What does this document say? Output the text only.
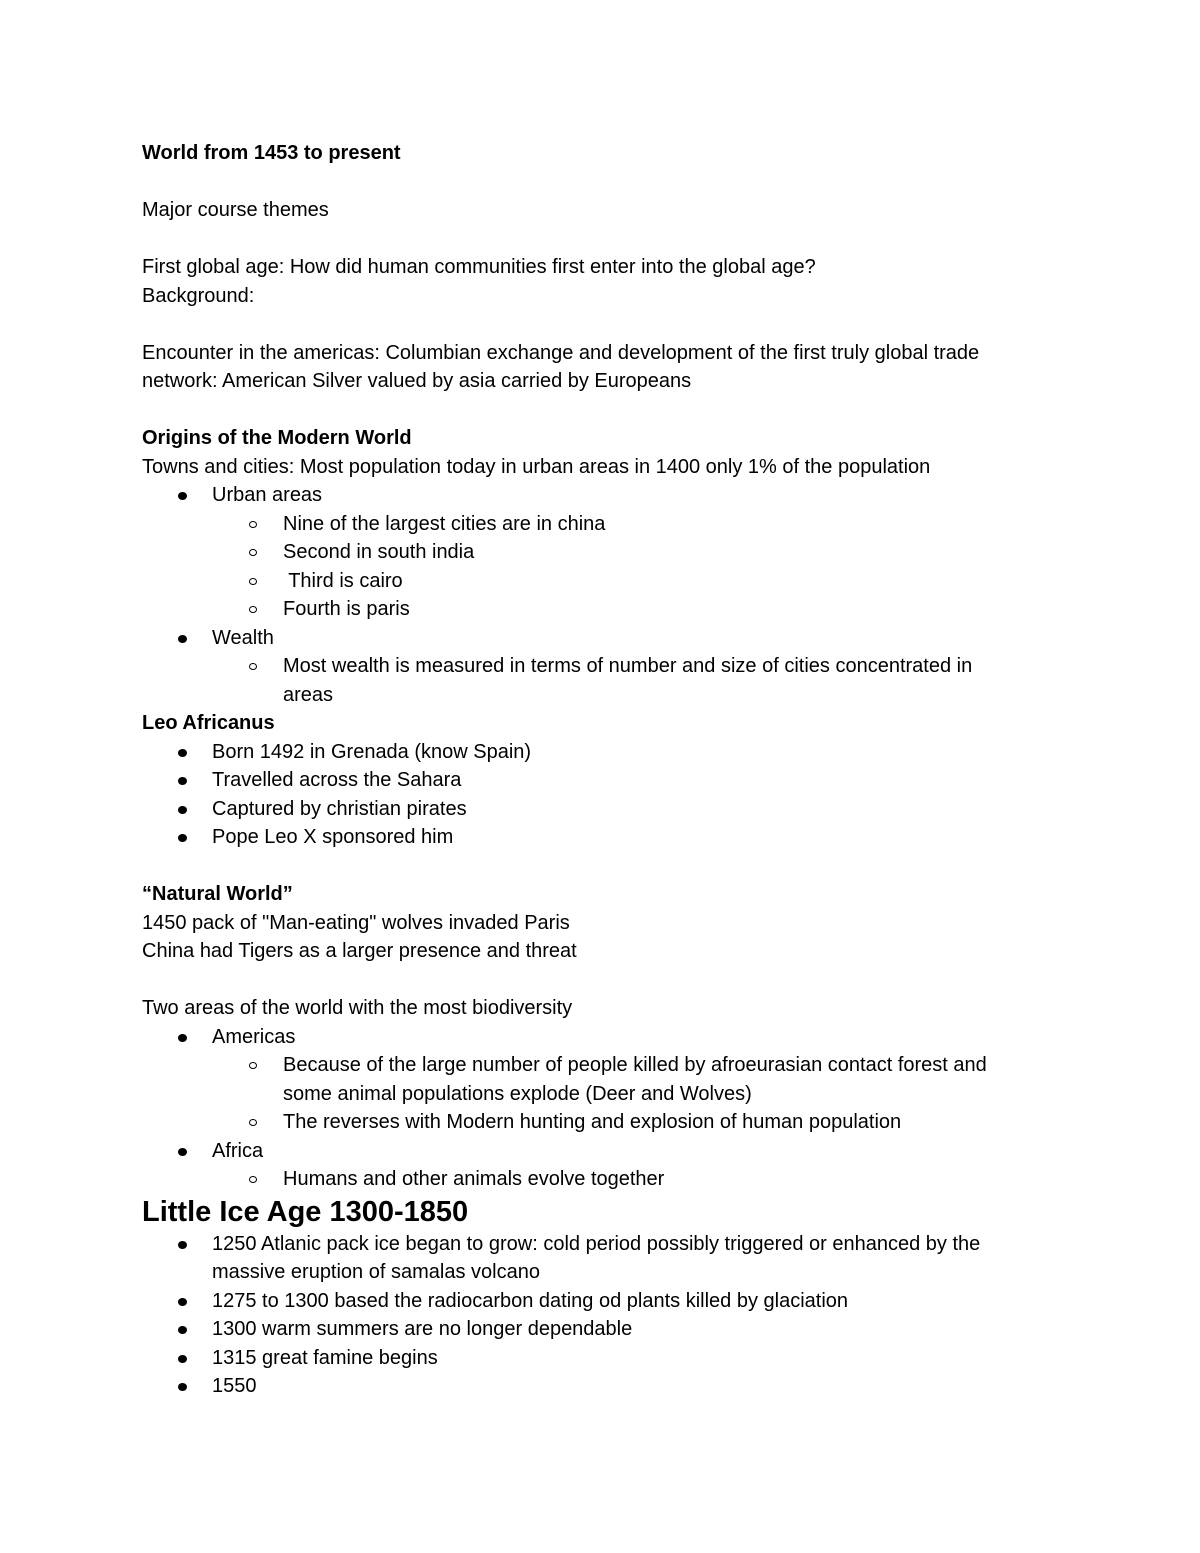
World from 1453 to present

Major course themes

First global age: How did human communities first enter into the global age?

Background:

Encounter in the americas: Columbian exchange and development of the first truly global trade

network: American Silver valued by asia carried by Europeans

Origins of the Modern World

Towns and cities: Most population today in urban areas in 1400 only 1% of the population

Urban areas
Nine of the largest cities are in china
Second in south india
Third is cairo
Fourth is paris
Wealth
Most wealth is measured in terms of number and size of cities concentrated in
areas

Leo Africanus

Born 1492 in Grenada (know Spain)
Travelled across the Sahara
Captured by christian pirates
Pope Leo X sponsored him

“Natural World”

1450 pack of "Man-eating" wolves invaded Paris

China had Tigers as a larger presence and threat

Two areas of the world with the most biodiversity

Americas
Because of the large number of people killed by afroeurasian contact forest and
some animal populations explode (Deer and Wolves)
The reverses with Modern hunting and explosion of human population
Africa
Humans and other animals evolve together

Little Ice Age 1300-1850

1250 Atlanic pack ice began to grow: cold period possibly triggered or enhanced by the
massive eruption of samalas volcano
1275 to 1300 based the radiocarbon dating od plants killed by glaciation
1300 warm summers are no longer dependable
1315 great famine begins
1550
